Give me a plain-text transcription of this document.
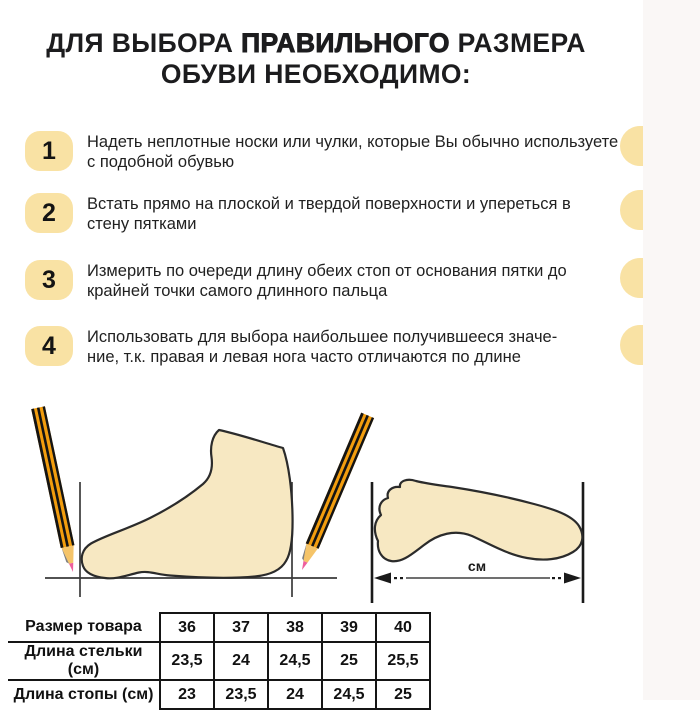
ДЛЯ ВЫБОРА ПРАВИЛЬНОГО РАЗМЕРА
ОБУВИ НЕОБХОДИМО:
1	Надеть неплотные носки или чулки, которые Вы обычно используете
с подобной обувью
2	Встать прямо на плоской и твердой поверхности и упереться в
стену пятками
3	Измерить по очереди длину обеих стоп от основания пятки до
крайней точки самого длинного пальца
4	Использовать для выбора наибольшее получившееся значе-
ние, т.к. правая и левая нога часто отличаются по длине
см
Размер товара	36	37	38	39	40
Длина стельки (см)	23,5	24	24,5	25	25,5
Длина стопы (см)	23	23,5	24	24,5	25
